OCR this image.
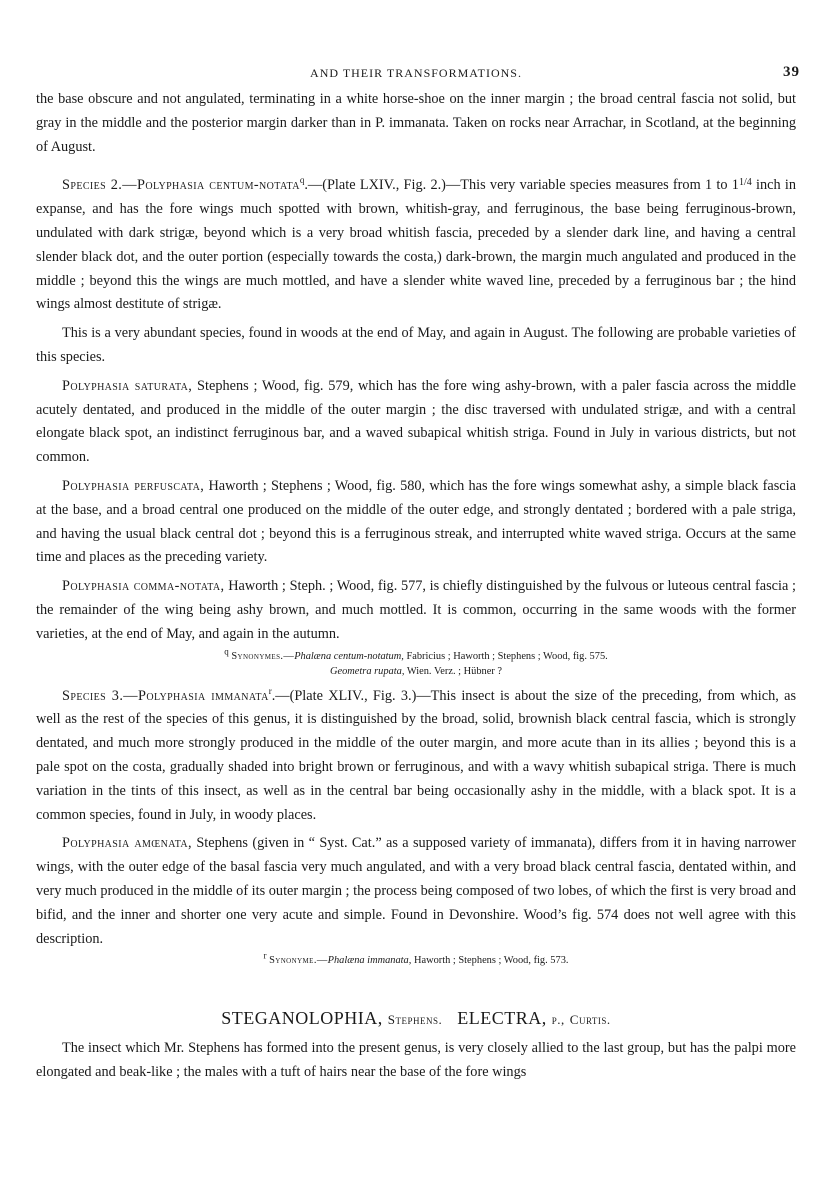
AND THEIR TRANSFORMATIONS.	39

the base obscure and not angulated, terminating in a white horse-shoe on the inner margin ; the broad central fascia not solid, but gray in the middle and the posterior margin darker than in P. immanata. Taken on rocks near Arrachar, in Scotland, at the beginning of August.

Species 2.—Polyphasia centum-notata$^q$.—(Plate LXIV., Fig. 2.)—This very variable species measures from 1 to $1^{1/4}$ inch in expanse, and has the fore wings much spotted with brown, whitish-gray, and ferruginous, the base being ferruginous-brown, undulated with dark strigæ, beyond which is a very broad whitish fascia, preceded by a slender dark line, and having a central slender black dot, and the outer portion (especially towards the costa,) dark-brown, the margin much angulated and produced in the middle ; beyond this the wings are much mottled, and have a slender white waved line, preceded by a ferruginous bar ; the hind wings almost destitute of strigæ.

This is a very abundant species, found in woods at the end of May, and again in August. The following are probable varieties of this species.

Polyphasia saturata, Stephens ; Wood, fig. 579, which has the fore wing ashy-brown, with a paler fascia across the middle acutely dentated, and produced in the middle of the outer margin ; the disc traversed with undulated strigæ, and with a central elongate black spot, an indistinct ferruginous bar, and a waved subapical whitish striga. Found in July in various districts, but not common.

Polyphasia perfuscata, Haworth ; Stephens ; Wood, fig. 580, which has the fore wings somewhat ashy, a simple black fascia at the base, and a broad central one produced on the middle of the outer edge, and strongly dentated ; bordered with a pale striga, and having the usual black central dot ; beyond this is a ferruginous streak, and interrupted white waved striga. Occurs at the same time and places as the preceding variety.

Polyphasia comma-notata, Haworth ; Steph. ; Wood, fig. 577, is chiefly distinguished by the fulvous or luteous central fascia ; the remainder of the wing being ashy brown, and much mottled. It is common, occurring in the same woods with the former varieties, at the end of May, and again in the autumn.

q Synonymes.—Phalæna centum-notatum, Fabricius ; Haworth ; Stephens ; Wood, fig. 575.
Geometra rupata, Wien. Verz. ; Hübner ?

Species 3.—Polyphasia immanata$^r$.—(Plate XLIV., Fig. 3.)—This insect is about the size of the preceding, from which, as well as the rest of the species of this genus, it is distinguished by the broad, solid, brownish black central fascia, which is strongly dentated, and much more strongly produced in the middle of the outer margin, and more acute than in its allies ; beyond this is a pale spot on the costa, gradually shaded into bright brown or ferruginous, and with a wavy whitish subapical striga. There is much variation in the tints of this insect, as well as in the central bar being occasionally ashy in the middle, with a black spot. It is a common species, found in July, in woody places.

Polyphasia amœnata, Stephens (given in “ Syst. Cat.” as a supposed variety of immanata), differs from it in having narrower wings, with the outer edge of the basal fascia very much angulated, and with a very broad black central fascia, dentated within, and very much produced in the middle of its outer margin ; the process being composed of two lobes, of which the first is very broad and bifid, and the inner and shorter one very acute and simple. Found in Devonshire. Wood’s fig. 574 does not well agree with this description.

r Synonyme.—Phalæna immanata, Haworth ; Stephens ; Wood, fig. 573.
STEGANOLOPHIA, Stephens. ELECTRA, p., Curtis.

The insect which Mr. Stephens has formed into the present genus, is very closely allied to the last group, but has the palpi more elongated and beak-like ; the males with a tuft of hairs near the base of the fore wings
